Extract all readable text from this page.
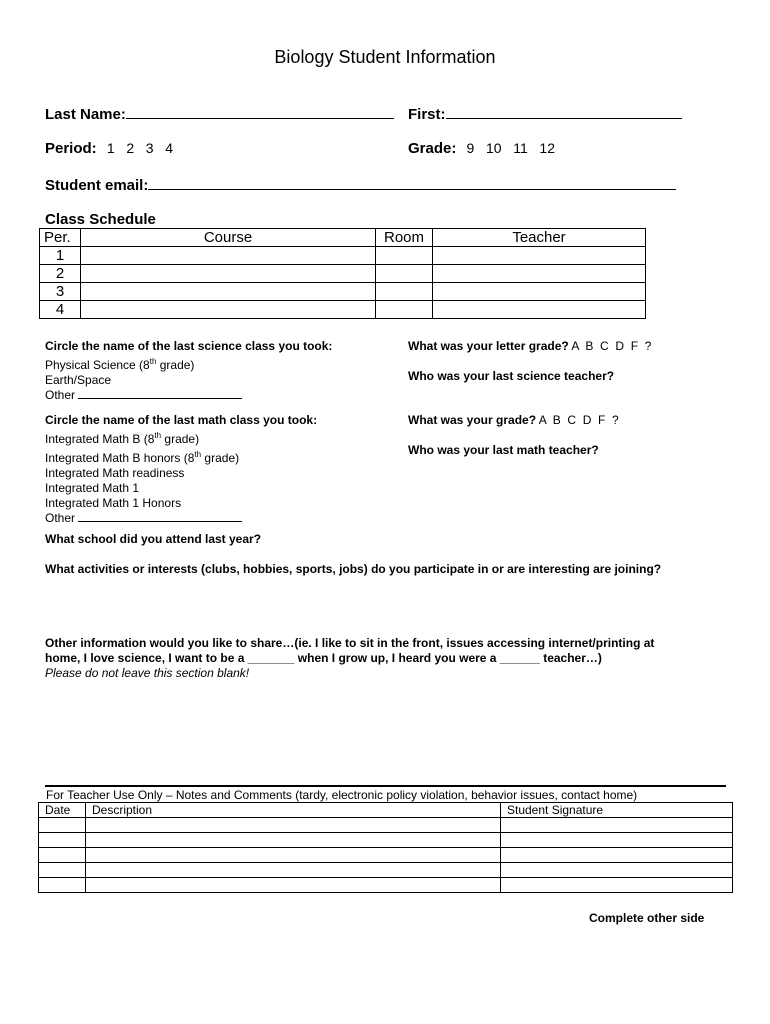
Biology Student Information
Last Name:	First:
Period: 1   2   3   4	Grade: 9   10   11   12
Student email:
Class Schedule
Per.	Course	Room	Teacher
1			
2			
3			
4			
Circle the name of the last science class you took:
Physical Science (8th grade)
Earth/Space
Other
What was your letter grade? A  B  C  D  F  ?
Who was your last science teacher?
Circle the name of the last math class you took:
Integrated Math B (8th grade)
Integrated Math B honors (8th grade)
Integrated Math readiness
Integrated Math 1
Integrated Math 1 Honors
Other
What was your grade? A  B  C  D  F  ?
Who was your last math teacher?
What school did you attend last year?
What activities or interests (clubs, hobbies, sports, jobs) do you participate in or are interesting are joining?
Other information would you like to share…(ie. I like to sit in the front, issues accessing internet/printing at
home, I love science, I want to be a _______ when I grow up, I heard you were a ______ teacher…)
Please do not leave this section blank!
For Teacher Use Only – Notes and Comments (tardy, electronic policy violation, behavior issues, contact home)
Date	Description	Student Signature

Complete other side
